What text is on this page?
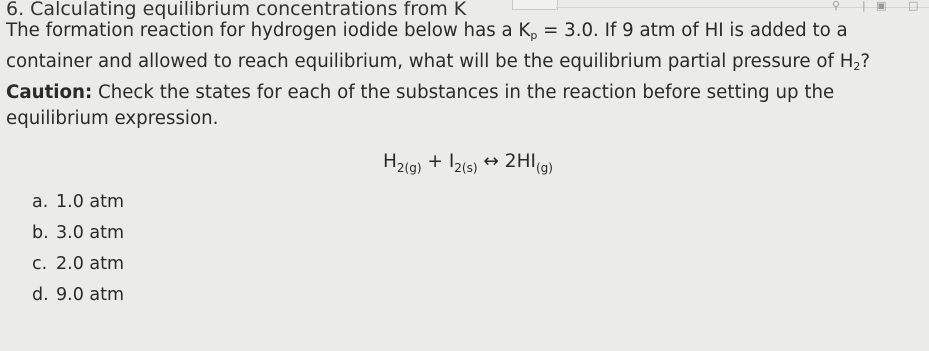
⚲ | ▣ □
6. Calculating equilibrium concentrations from K
The formation reaction for hydrogen iodide below has a $K_p = 3.0$. If 9 atm of HI is added to a container and allowed to reach equilibrium, what will be the equilibrium partial pressure of $H_2$? Caution: Check the states for each of the substances in the reaction before setting up the equilibrium expression.
$H_{2(g)} + I_{2(s)}$ ↔ $2HI_{(g)}$
a. 1.0 atm
b. 3.0 atm
c. 2.0 atm
d. 9.0 atm
